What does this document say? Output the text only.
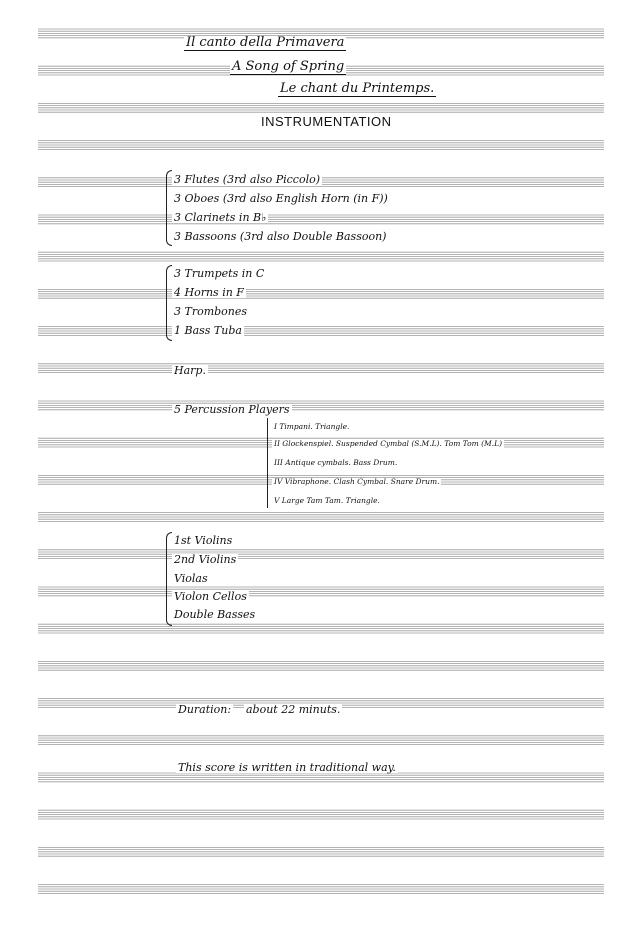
Il canto della Primavera
A Song of Spring
Le chant du Printemps.
INSTRUMENTATION
3 Flutes (3rd also Piccolo)
3 Oboes (3rd also English Horn (in F))
3 Clarinets in B♭
3 Bassoons (3rd also Double Bassoon)
3 Trumpets in C
4 Horns in F
3 Trombones
1 Bass Tuba
Harp.
5 Percussion Players
I Timpani. Triangle.
II Glockenspiel. Suspended Cymbal (S.M.L). Tom Tom (M.L)
III Antique cymbals. Bass Drum.
IV Vibraphone. Clash Cymbal. Snare Drum.
V Large Tam Tam. Triangle.
1st Violins
2nd Violins
Violas
Violon Cellos
Double Basses
Duration: about 22 minuts.
This score is written in traditional way.
